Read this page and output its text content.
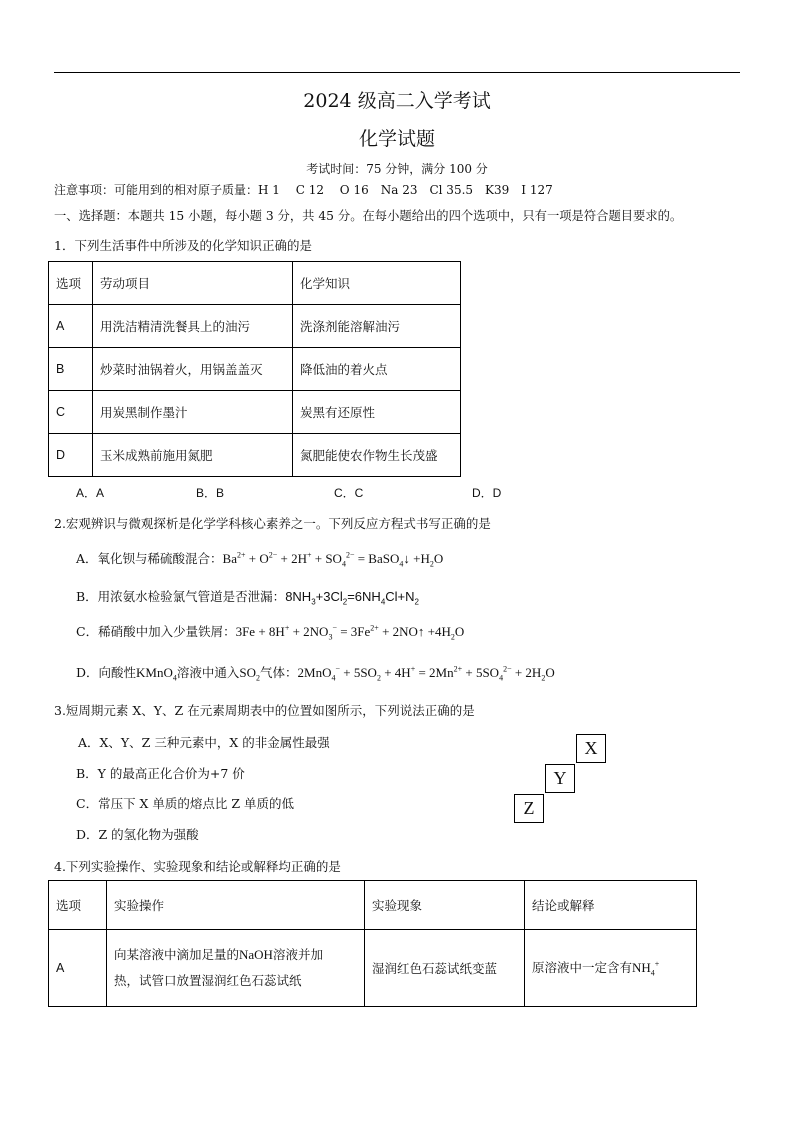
2024 级高二入学考试
化学试题
考试时间：75 分钟，满分 100 分
注意事项：可能用到的相对原子质量：H 1　 C 12　 O 16　Na 23　Cl 35.5　K39　I 127
一、选择题：本题共 15 小题，每小题 3 分，共 45 分。在每小题给出的四个选项中，只有一项是符合题目要求的。
1．下列生活事件中所涉及的化学知识正确的是
选项	劳动项目	化学知识
A	用洗洁精清洗餐具上的油污	洗涤剂能溶解油污
B	炒菜时油锅着火，用锅盖盖灭	降低油的着火点
C	用炭黑制作墨汁	炭黑有还原性
D	玉米成熟前施用氮肥	氮肥能使农作物生长茂盛
A．A	B．B	C．C	D．D
2.宏观辨识与微观探析是化学学科核心素养之一。下列反应方程式书写正确的是
A．氧化钡与稀硫酸混合：$Ba^{2+} + O^{2-} + 2H^+ + SO_4^{2-}$ = BaSO$_4$↓ $+H_2O$
B．用浓氨水检验氯气管道是否泄漏：$8NH_3+3Cl_2=6NH_4Cl+N_2$
C．稀硝酸中加入少量铁屑：$3Fe + 8H^+ + 2NO_3^- = 3Fe^{2+}$ + 2NO↑ $+4H_2O$
D．向酸性KMnO$_4$溶液中通入$SO_2$气体：$2MnO_4^- + 5SO_2 + 4H^+ = 2Mn^{2+} + 5SO_4^{2-} + 2H_2O$
3.短周期元素 X、Y、Z 在元素周期表中的位置如图所示，下列说法正确的是
A．X、Y、Z 三种元素中，X 的非金属性最强
B．Y 的最高正化合价为+7 价
C．常压下 X 单质的熔点比 Z 单质的低
D．Z 的氢化物为强酸
X
Y
Z
4.下列实验操作、实验现象和结论或解释均正确的是
选项	实验操作	实验现象	结论或解释
A	向某溶液中滴加足量的NaOH溶液并加
热，试管口放置湿润红色石蕊试纸	湿润红色石蕊试纸变蓝	原溶液中一定含有$NH_4^+$
